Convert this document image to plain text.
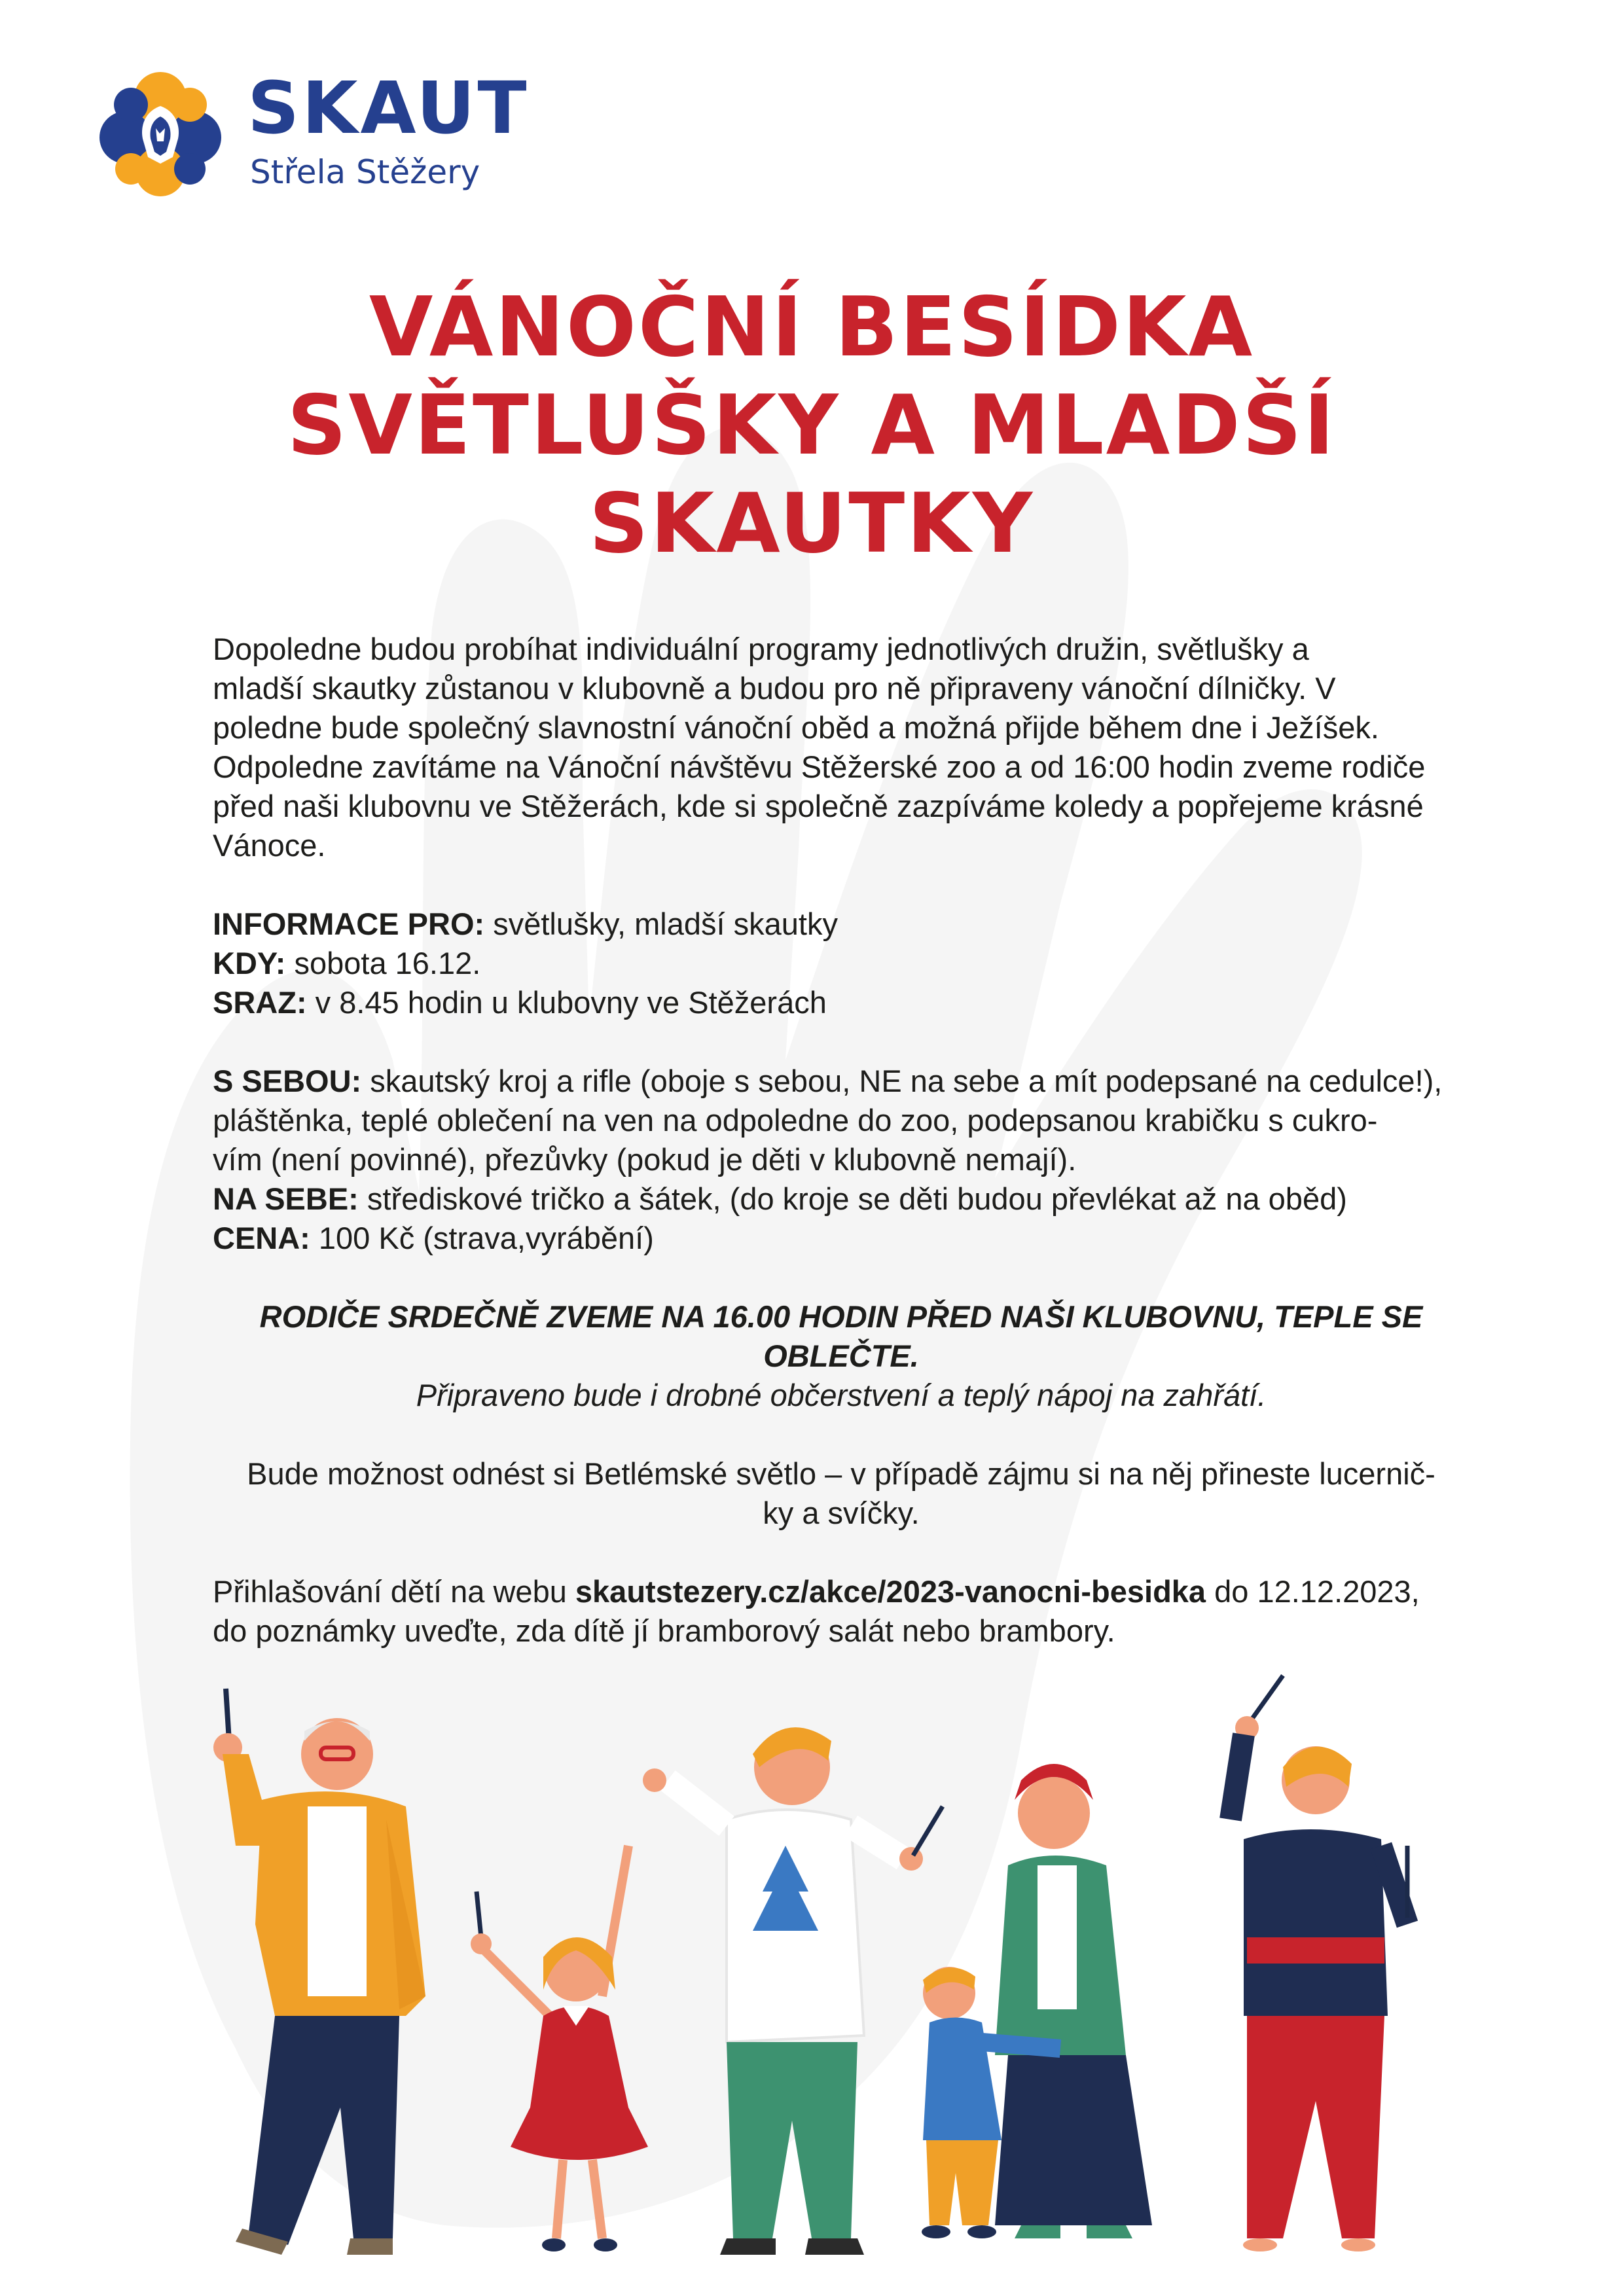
SKAUT
Střela Stěžery
VÁNOČNÍ BESÍDKA
SVĚTLUŠKY A MLADŠÍ
SKAUTKY

Dopoledne budou probíhat individuální programy jednotlivých družin, světlušky a
mladší skautky zůstanou v klubovně a budou pro ně připraveny vánoční dílničky. V
poledne bude společný slavnostní vánoční oběd a možná přijde během dne i Ježíšek.
Odpoledne zavítáme na Vánoční návštěvu Stěžerské zoo a od 16:00 hodin zveme rodiče
před naši klubovnu ve Stěžerách, kde si společně zazpíváme koledy a popřejeme krásné
Vánoce.

INFORMACE PRO: světlušky, mladší skautky
KDY: sobota 16.12.
SRAZ: v 8.45 hodin u klubovny ve Stěžerách

S SEBOU: skautský kroj a rifle (oboje s sebou, NE na sebe a mít podepsané na cedulce!),
pláštěnka, teplé oblečení na ven na odpoledne do zoo, podepsanou krabičku s cukro-
vím (není povinné), přezůvky (pokud je děti v klubovně nemají).
NA SEBE: střediskové tričko a šátek, (do kroje se děti budou převlékat až na oběd)
CENA: 100 Kč (strava,vyrábění)

RODIČE SRDEČNĚ ZVEME NA 16.00 HODIN PŘED NAŠI KLUBOVNU, TEPLE SE OBLEČTE.
Připraveno bude i drobné občerstvení a teplý nápoj na zahřátí.

Bude možnost odnést si Betlémské světlo – v případě zájmu si na něj přineste lucernič-
ky a svíčky.

Přihlašování dětí na webu skautstezery.cz/akce/2023-vanocni-besidka do 12.12.2023,
do poznámky uveďte, zda dítě jí bramborový salát nebo brambory.
